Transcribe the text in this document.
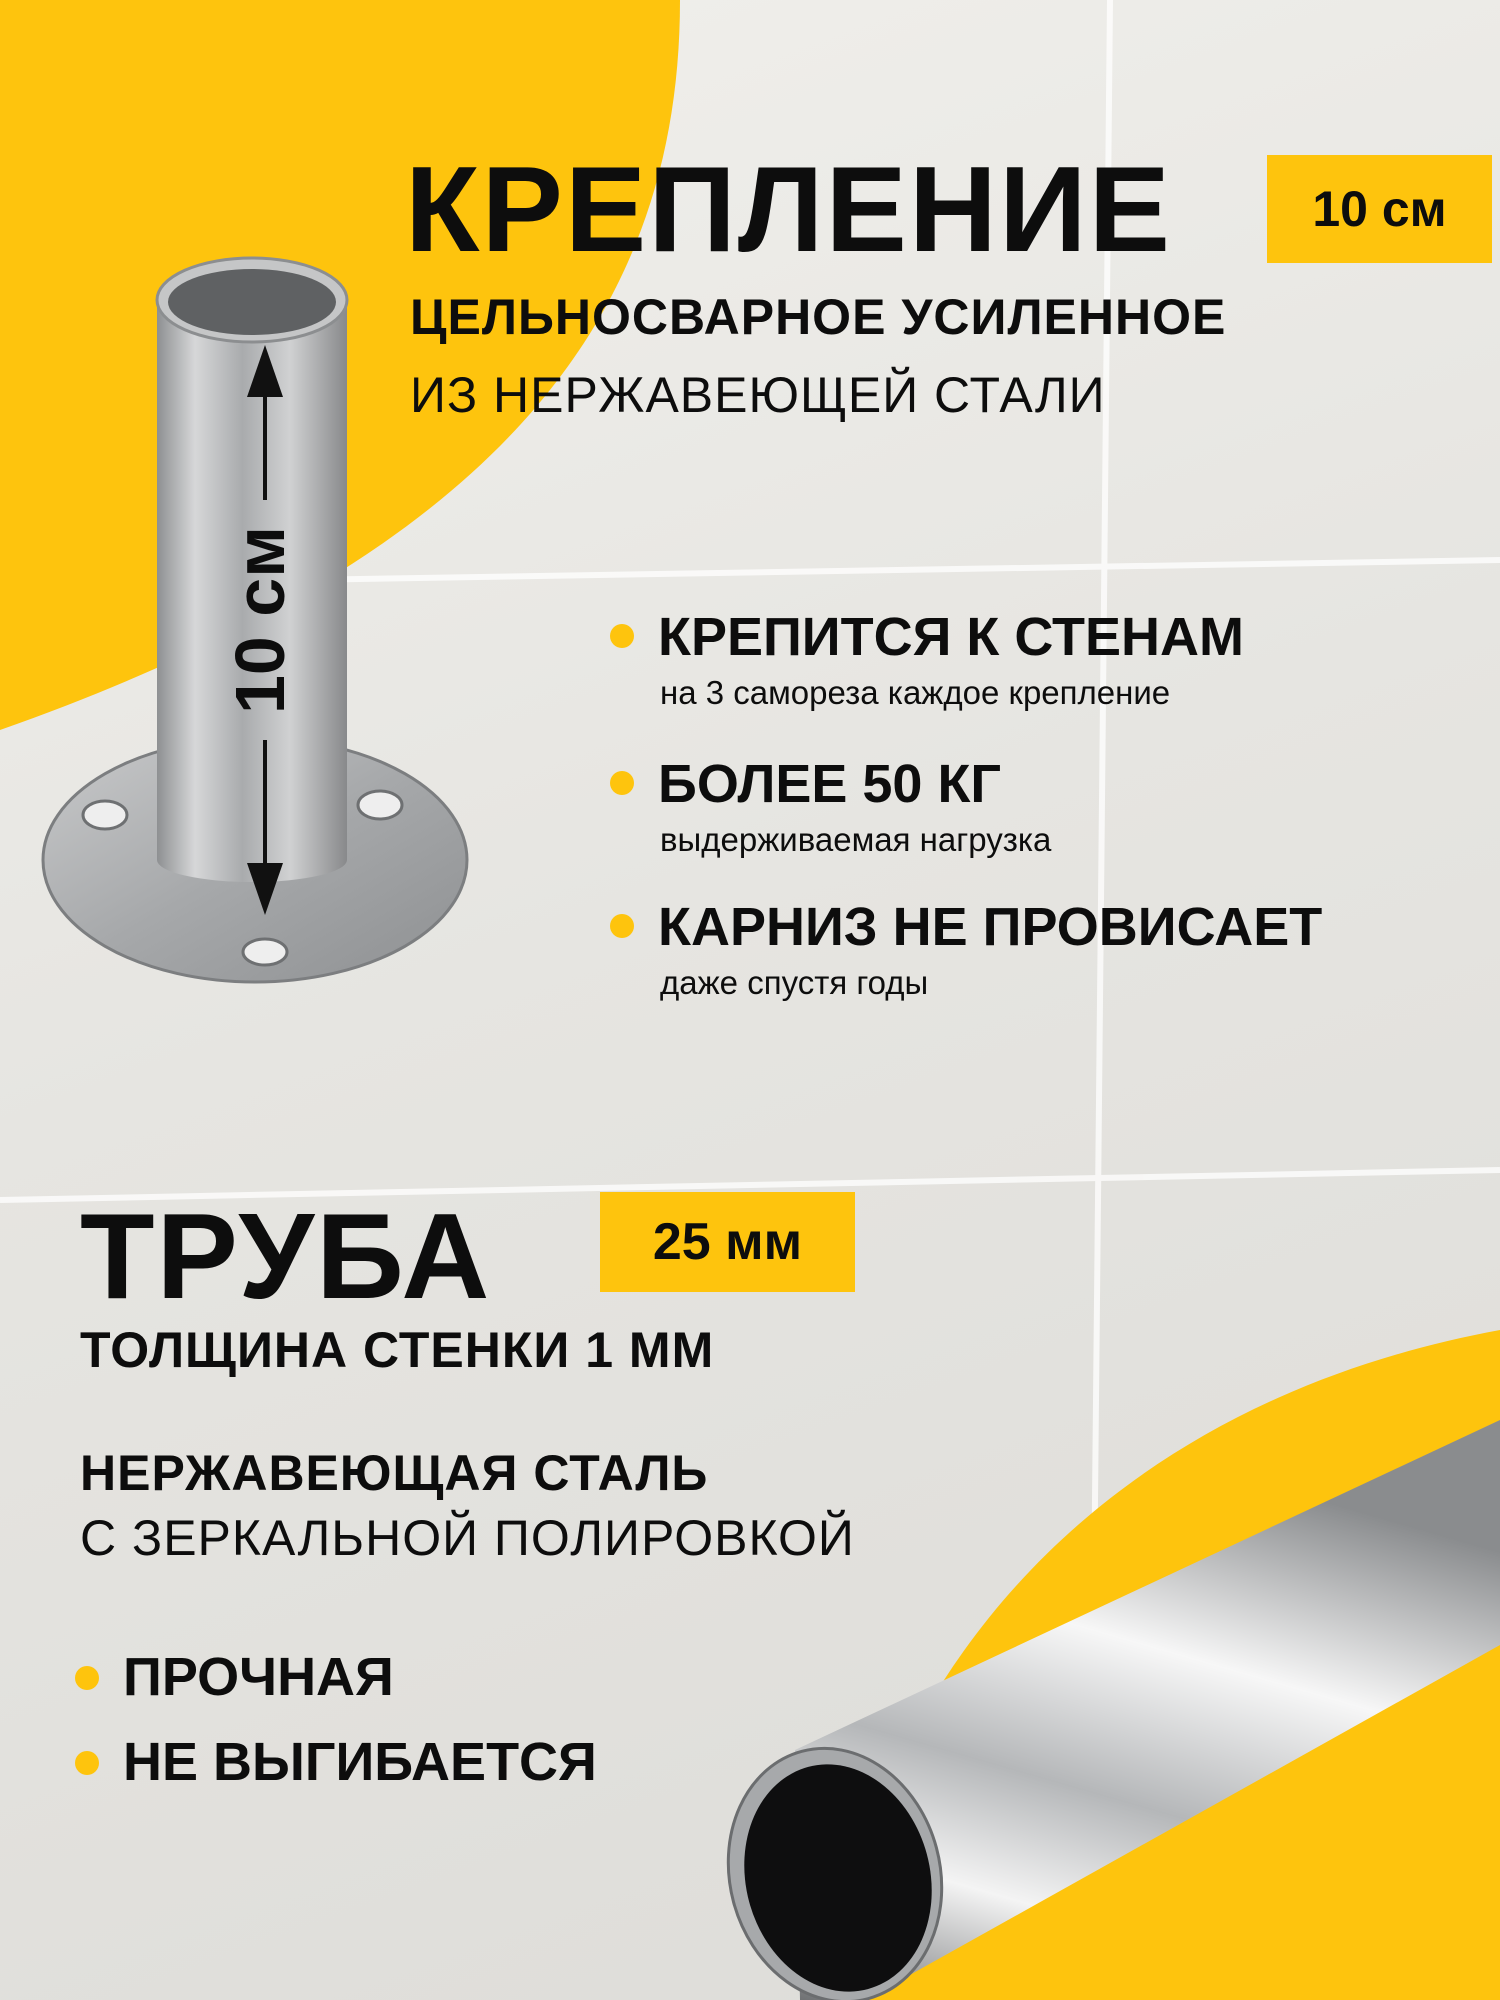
10 см
КРЕПЛЕНИЕ	10 см
ЦЕЛЬНОСВАРНОЕ УСИЛЕННОЕ
ИЗ НЕРЖАВЕЮЩЕЙ СТАЛИ
КРЕПИТСЯ К СТЕНАМ
на 3 самореза каждое крепление
БОЛЕЕ 50 КГ
выдерживаемая нагрузка
КАРНИЗ НЕ ПРОВИСАЕТ
даже спустя годы
ТРУБА	25 мм
ТОЛЩИНА СТЕНКИ 1 ММ
НЕРЖАВЕЮЩАЯ СТАЛЬ
С ЗЕРКАЛЬНОЙ ПОЛИРОВКОЙ
ПРОЧНАЯ
НЕ ВЫГИБАЕТСЯ
